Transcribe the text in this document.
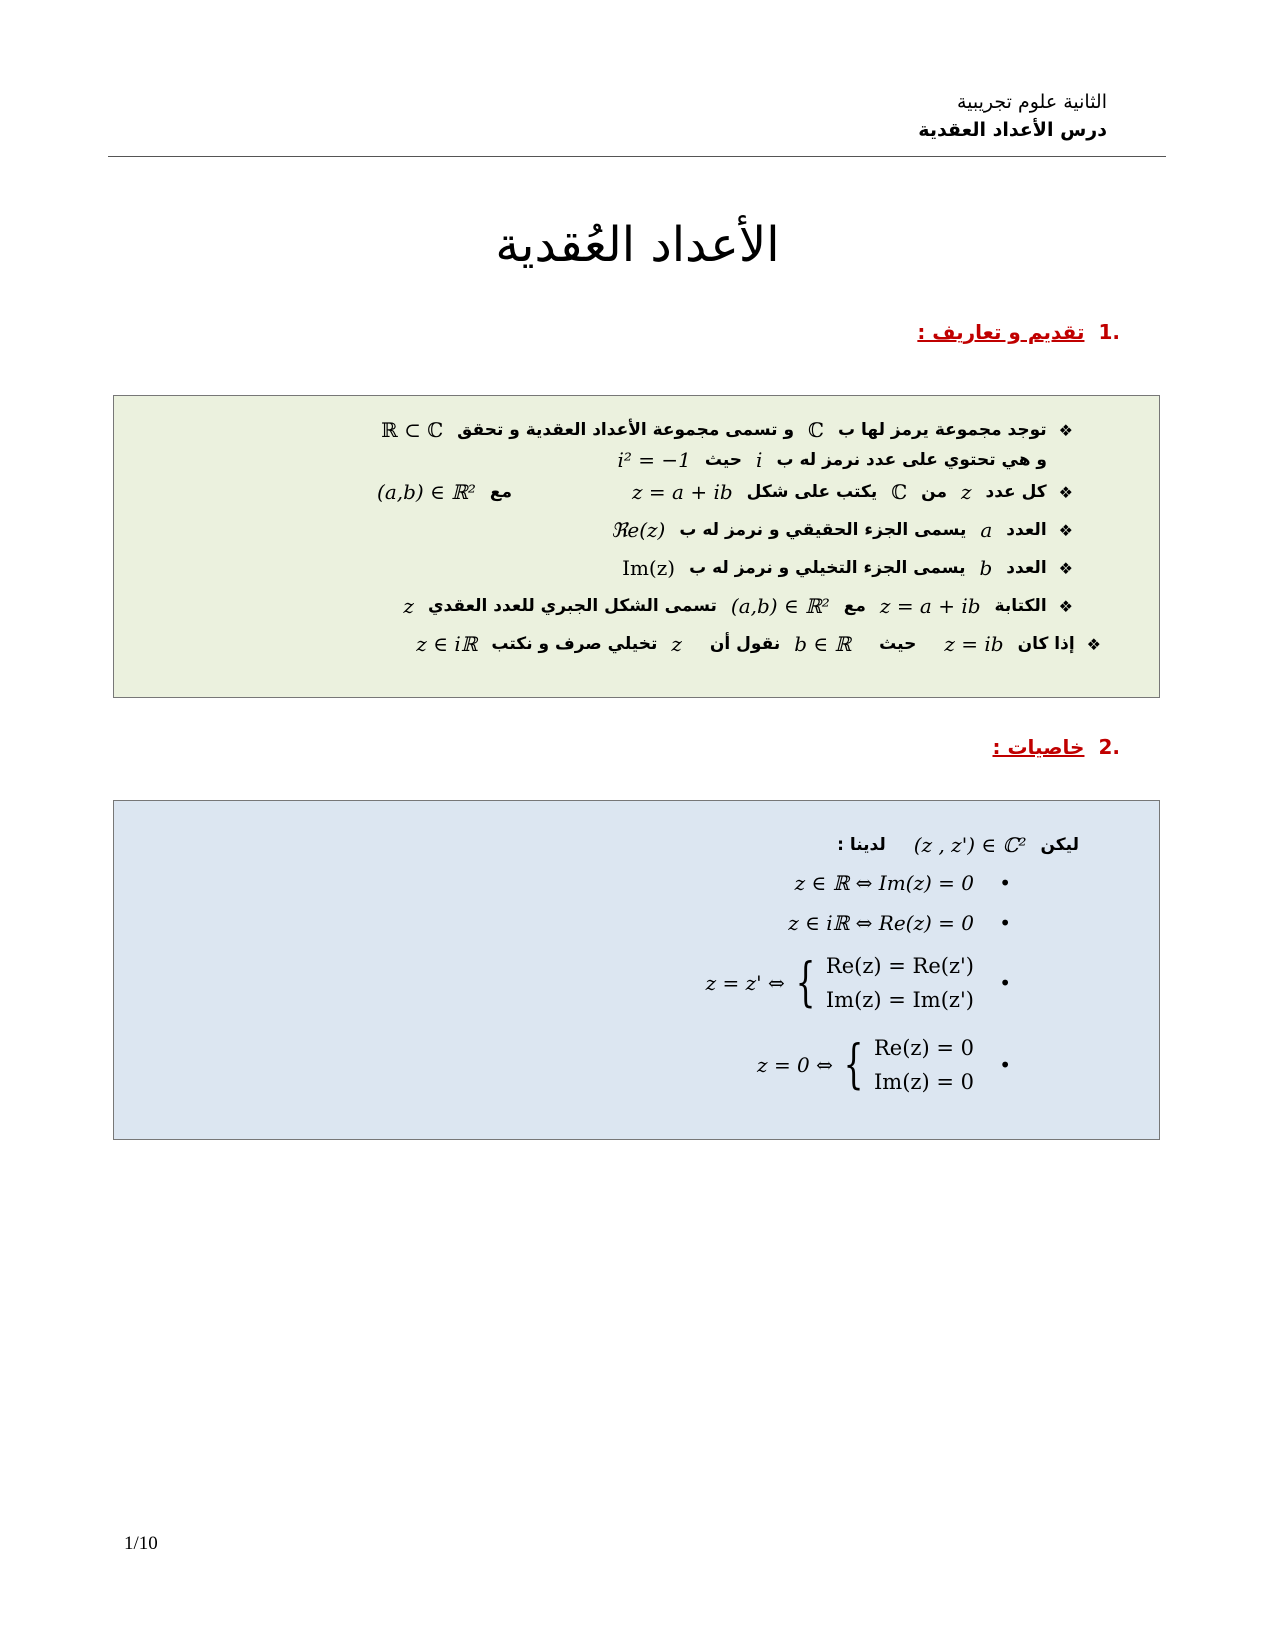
الثانية علوم تجريبية
درس الأعداد العقدية
الأعداد العُقدية
.1
تقديم و تعاريف :
❖
توجد مجموعة يرمز لها ب
ℂ
و تسمى مجموعة الأعداد العقدية و تحقق
ℝ ⊂ ℂ
و هي تحتوي على عدد نرمز له ب
i
حيث
i² = −1
❖
كل عدد
z
من
ℂ
يكتب على شكل
z = a + ib
مع
(a,b) ∈ ℝ²
❖
العدد
a
يسمى الجزء الحقيقي و نرمز له ب
ℜe(z)
❖
العدد
b
يسمى الجزء التخيلي و نرمز له ب
Im(z)
❖
الكتابة
z = a + ib
مع
(a,b) ∈ ℝ²
تسمى الشكل الجبري للعدد العقدي
z
❖
إذا كان
z = ib
حيث
b ∈ ℝ
نقول أن
z
تخيلي صرف و نكتب
z ∈ iℝ
.2
خاصيات :
ليكن
(z , z') ∈ ℂ²
لدينا :
z ∈ ℝ ⇔ Im(z) = 0 •
z ∈ iℝ ⇔ Re(z) = 0 •
z = z' ⇔ { Re(z) = Re(z')
Im(z) = Im(z')
•
z = 0 ⇔ { Re(z) = 0
Im(z) = 0
•
1/10
